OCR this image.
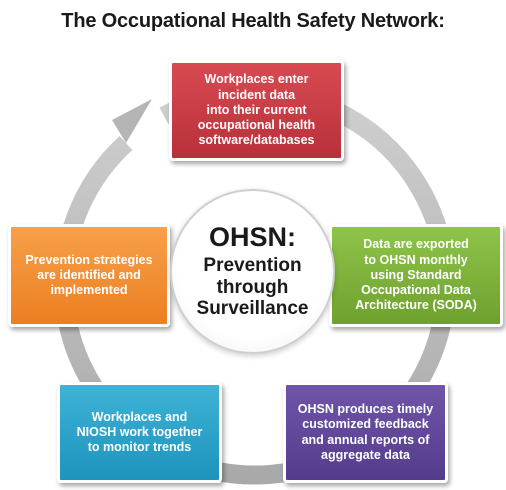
The Occupational Health Safety Network:
Workplaces enter
incident data
into their current
occupational health
software/databases
Data are exported
to OHSN monthly
using Standard
Occupational Data
Architecture (SODA)
OHSN produces timely
customized feedback
and annual reports of
aggregate data
Workplaces and
NIOSH work together
to monitor trends
Prevention strategies
are identified and
implemented
OHSN:
Prevention
through
Surveillance
